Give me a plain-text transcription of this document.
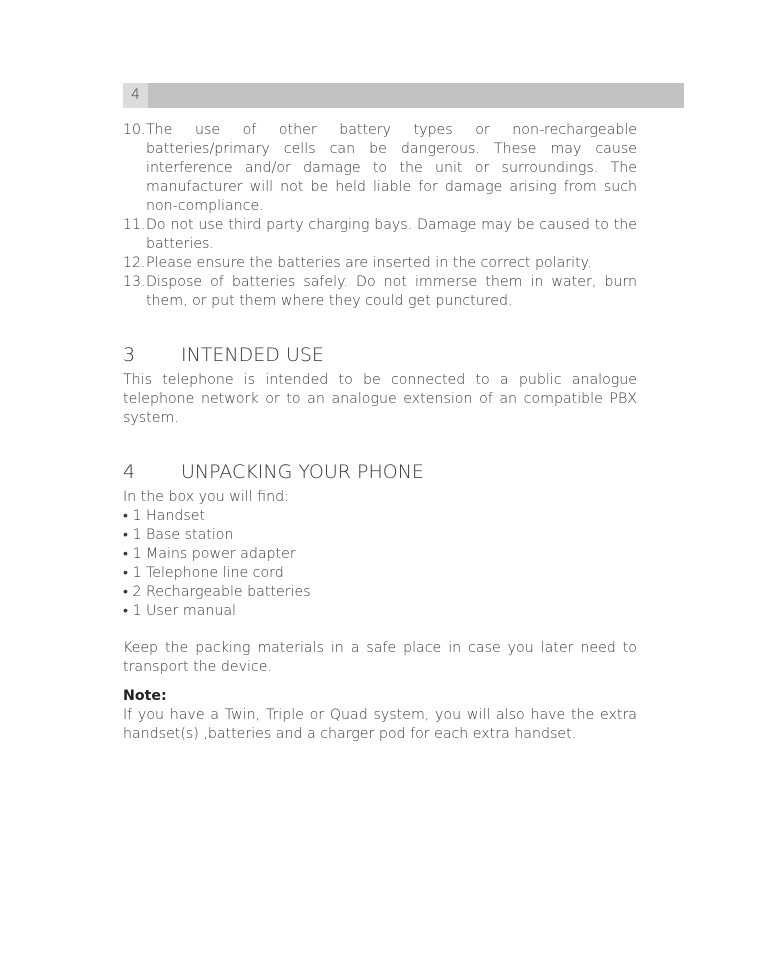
4
10. The use of other battery types or non-rechargeable batteries/primary cells can be dangerous. These may cause interference and/or damage to the unit or surroundings. The manufacturer will not be held liable for damage arising from such non-compliance.
11. Do not use third party charging bays. Damage may be caused to the batteries.
12. Please ensure the batteries are inserted in the correct polarity.
13. Dispose of batteries safely. Do not immerse them in water, burn them, or put them where they could get punctured.
3	INTENDED USE

This telephone is intended to be connected to a public analogue telephone network or to an analogue extension of an compatible PBX system.

4	UNPACKING YOUR PHONE

In the box you will find:

• 1 Handset
• 1 Base station
• 1 Mains power adapter
• 1 Telephone line cord
• 2 Rechargeable batteries
• 1 User manual

Keep the packing materials in a safe place in case you later need to transport the device.

Note:

If you have a Twin, Triple or Quad system, you will also have the extra handset(s) ,batteries and a charger pod for each extra handset.
